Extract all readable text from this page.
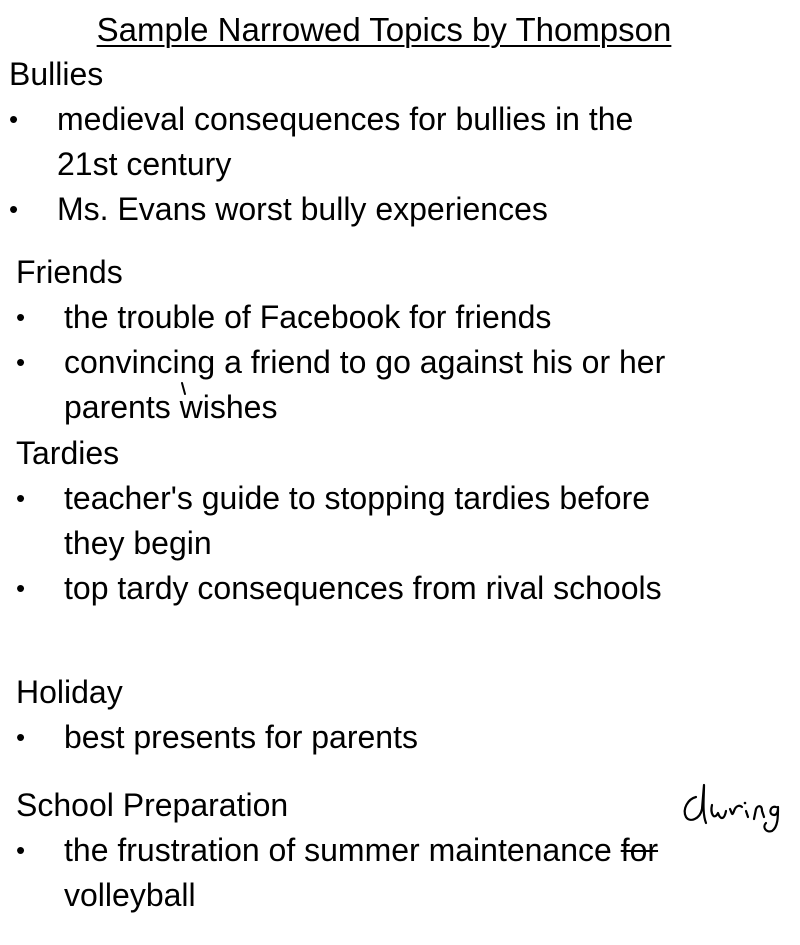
Sample Narrowed Topics by Thompson
Bullies
• medieval consequences for bullies in the
21st century
• Ms. Evans worst bully experiences
Friends
• the trouble of Facebook for friends
• convincing a friend to go against his or her
parents wishes
Tardies
• teacher's guide to stopping tardies before
they begin
• top tardy consequences from rival schools
Holiday
• best presents for parents
School Preparation
• the frustration of summer maintenance for
volleyball
